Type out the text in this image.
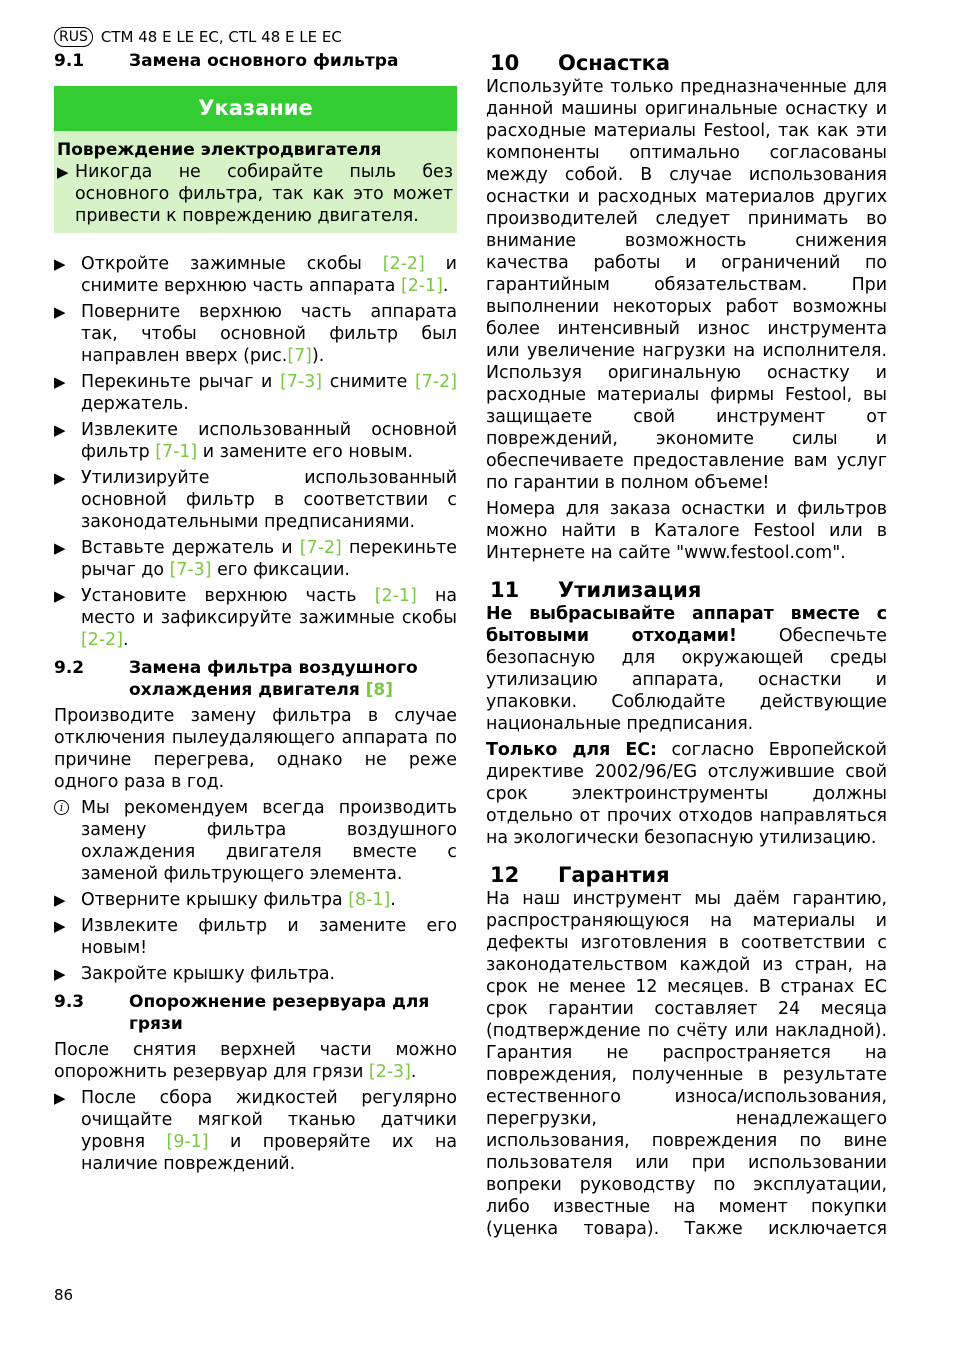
RUS CTM 48 E LE EC, CTL 48 E LE EC
9.1	Замена основного фильтра
Указание
Повреждение электродвигателя
▶ Никогда не собирайте пыль без основного фильтра, так как это может привести к повреждению двигателя.
▶ Откройте зажимные скобы [2-2] и снимите верхнюю часть аппарата [2-1].
▶ Поверните верхнюю часть аппарата так, чтобы основной фильтр был направлен вверх (рис.[7]).
▶ Перекиньте рычаг и [7-3] снимите [7-2] держатель.
▶ Извлеките использованный основной фильтр [7-1] и замените его новым.
▶ Утилизируйте использованный основной фильтр в соответствии с законодательными предписаниями.
▶ Вставьте держатель и [7-2] перекиньте рычаг до [7-3] его фиксации.
▶ Установите верхнюю часть [2-1] на место и зафиксируйте зажимные скобы [2-2].
9.2	Замена фильтра воздушного охлаждения двигателя [8]

Производите замену фильтра в случае отключения пылеудаляющего аппарата по причине перегрева, однако не реже одного раза в год.

i	Мы рекомендуем всегда производить замену фильтра воздушного охлаждения двигателя вместе с заменой фильтрующего элемента.
▶ Отверните крышку фильтра [8-1].
▶ Извлеките фильтр и замените его новым!
▶ Закройте крышку фильтра.
9.3	Опорожнение резервуара для грязи

После снятия верхней части можно опорожнить резервуар для грязи [2-3].

▶ После сбора жидкостей регулярно очищайте мягкой тканью датчики уровня [9-1] и проверяйте их на наличие повреждений.
10	Оснастка

Используйте только предназначенные для данной машины оригинальные оснастку и расходные материалы Festool, так как эти компоненты оптимально согласованы между собой. В случае использования оснастки и расходных материалов других производителей следует принимать во внимание возможность снижения качества работы и ограничений по гарантийным обязательствам. При выполнении некоторых работ возможны более интенсивный износ инструмента или увеличение нагрузки на исполнителя. Используя оригинальную оснастку и расходные материалы фирмы Festool, вы защищаете свой инструмент от повреждений, экономите силы и обеспечиваете предоставление вам услуг по гарантии в полном объеме!

Номера для заказа оснастки и фильтров можно найти в Каталоге Festool или в Интернете на сайте "www.festool.com".

11	Утилизация

Не выбрасывайте аппарат вместе с бытовыми отходами! Обеспечьте безопасную для окружающей среды утилизацию аппарата, оснастки и упаковки. Соблюдайте действующие национальные предписания.

Только для ЕС: согласно Европейской директиве 2002/96/EG отслужившие свой срок электроинструменты должны отдельно от прочих отходов направляться на экологически безопасную утилизацию.

12	Гарантия

На наш инструмент мы даём гарантию, распространяющуюся на материалы и дефекты изготовления в соответствии с законодательством каждой из стран, на срок не менее 12 месяцев. В странах ЕС срок гарантии составляет 24 месяца (подтверждение по счёту или накладной). Гарантия не распространяется на повреждения, полученные в результате естественного износа/использования, перегрузки, ненадлежащего использования, повреждения по вине пользователя или при использовании вопреки руководству по эксплуатации, либо известные на момент покупки (уценка товара). Также исключается

86
